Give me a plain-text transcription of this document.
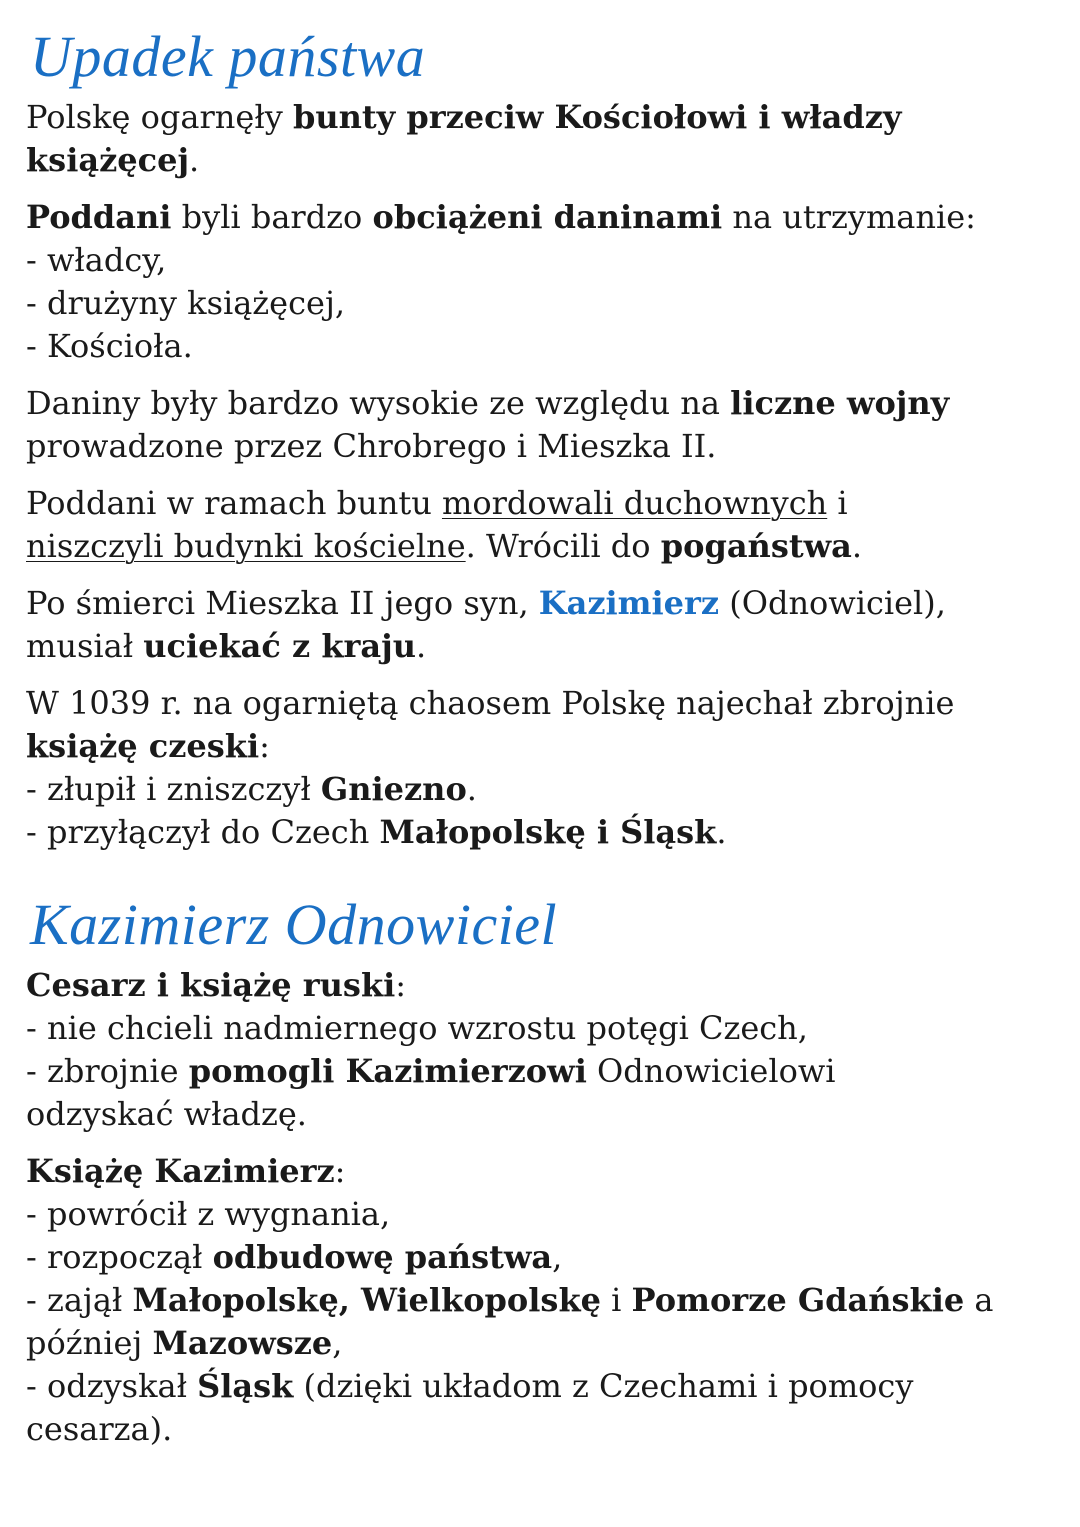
Upadek państwa

Polskę ogarnęły bunty przeciw Kościołowi i władzy
książęcej.

Poddani byli bardzo obciążeni daninami na utrzymanie:
- władcy,
- drużyny książęcej,
- Kościoła.

Daniny były bardzo wysokie ze względu na liczne wojny
prowadzone przez Chrobrego i Mieszka II.

Poddani w ramach buntu mordowali duchownych i
niszczyli budynki kościelne. Wrócili do pogaństwa.

Po śmierci Mieszka II jego syn, Kazimierz (Odnowiciel),
musiał uciekać z kraju.

W 1039 r. na ogarniętą chaosem Polskę najechał zbrojnie
książę czeski:
- złupił i zniszczył Gniezno.
- przyłączył do Czech Małopolskę i Śląsk.
Kazimierz Odnowiciel
Cesarz i książę ruski:
- nie chcieli nadmiernego wzrostu potęgi Czech,
- zbrojnie pomogli Kazimierzowi Odnowicielowi
odzyskać władzę.
Książę Kazimierz:
- powrócił z wygnania,
- rozpoczął odbudowę państwa,
- zajął Małopolskę, Wielkopolskę i Pomorze Gdańskie a
później Mazowsze,
- odzyskał Śląsk (dzięki układom z Czechami i pomocy
cesarza).
